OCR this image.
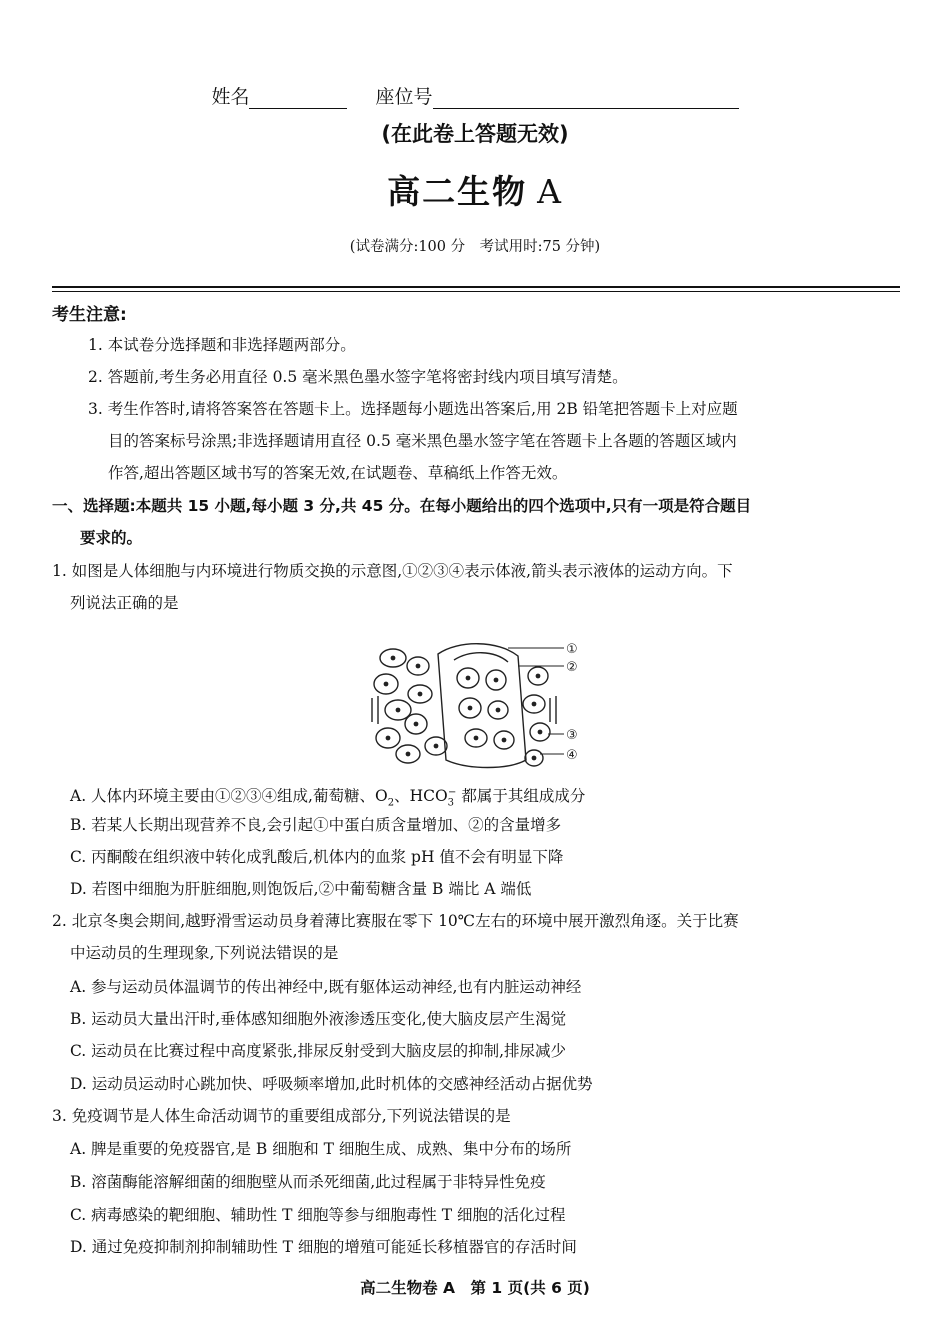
姓名	座位号
(在此卷上答题无效)
高二生物 A
(试卷满分:100 分　考试用时:75 分钟)
考生注意:
1. 本试卷分选择题和非选择题两部分。
2. 答题前,考生务必用直径 0.5 毫米黑色墨水签字笔将密封线内项目填写清楚。
3. 考生作答时,请将答案答在答题卡上。选择题每小题选出答案后,用 2B 铅笔把答题卡上对应题
目的答案标号涂黑;非选择题请用直径 0.5 毫米黑色墨水签字笔在答题卡上各题的答题区域内
作答,超出答题区域书写的答案无效,在试题卷、草稿纸上作答无效。
一、选择题:本题共 15 小题,每小题 3 分,共 45 分。在每小题给出的四个选项中,只有一项是符合题目
要求的。
1. 如图是人体细胞与内环境进行物质交换的示意图,①②③④表示体液,箭头表示液体的运动方向。下
列说法正确的是
①
②
③
④
A. 人体内环境主要由①②③④组成,葡萄糖、$O_2$、$HCO_3^-$ 都属于其组成成分
B. 若某人长期出现营养不良,会引起①中蛋白质含量增加、②的含量增多
C. 丙酮酸在组织液中转化成乳酸后,机体内的血浆 pH 值不会有明显下降
D. 若图中细胞为肝脏细胞,则饱饭后,②中葡萄糖含量 B 端比 A 端低
2. 北京冬奥会期间,越野滑雪运动员身着薄比赛服在零下 10℃左右的环境中展开激烈角逐。关于比赛
中运动员的生理现象,下列说法错误的是
A. 参与运动员体温调节的传出神经中,既有躯体运动神经,也有内脏运动神经
B. 运动员大量出汗时,垂体感知细胞外液渗透压变化,使大脑皮层产生渴觉
C. 运动员在比赛过程中高度紧张,排尿反射受到大脑皮层的抑制,排尿减少
D. 运动员运动时心跳加快、呼吸频率增加,此时机体的交感神经活动占据优势
3. 免疫调节是人体生命活动调节的重要组成部分,下列说法错误的是
A. 脾是重要的免疫器官,是 B 细胞和 T 细胞生成、成熟、集中分布的场所
B. 溶菌酶能溶解细菌的细胞壁从而杀死细菌,此过程属于非特异性免疫
C. 病毒感染的靶细胞、辅助性 T 细胞等参与细胞毒性 T 细胞的活化过程
D. 通过免疫抑制剂抑制辅助性 T 细胞的增殖可能延长移植器官的存活时间
高二生物卷 A　第 1 页(共 6 页)
